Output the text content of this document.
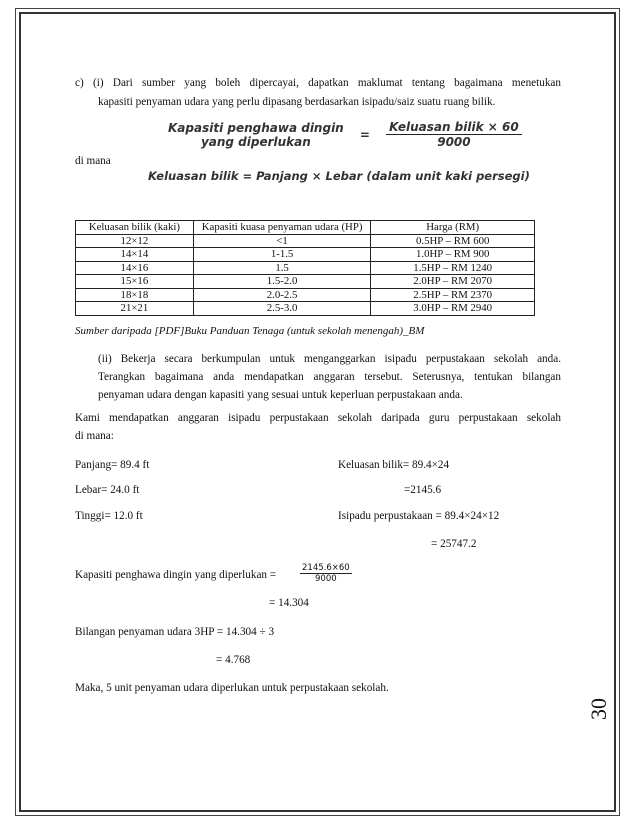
c) (i) Dari sumber yang boleh dipercayai, dapatkan maklumat tentang bagaimana menetukan
kapasiti penyaman udara yang perlu dipasang berdasarkan isipadu/saiz suatu ruang bilik.
Kapasiti penghawa dingin
yang diperlukan	= $\frac{\text{Keluasan bilik × 60}}{9000}$
di mana
Keluasan bilik = Panjang × Lebar (dalam unit kaki persegi)
Keluasan bilik (kaki)	Kapasiti kuasa penyaman udara (HP)	Harga (RM)
12×12	<1	0.5HP – RM 600
14×14	1-1.5	1.0HP – RM 900
14×16	1.5	1.5HP – RM 1240
15×16	1.5-2.0	2.0HP – RM 2070
18×18	2.0-2.5	2.5HP – RM 2370
21×21	2.5-3.0	3.0HP – RM 2940
Sumber daripada [PDF]Buku Panduan Tenaga (untuk sekolah menengah)_BM
(ii) Bekerja secara berkumpulan untuk menganggarkan isipadu perpustakaan sekolah anda.
Terangkan bagaimana anda mendapatkan anggaran tersebut. Seterusnya, tentukan bilangan
penyaman udara dengan kapasiti yang sesuai untuk keperluan perpustakaan anda.
Kami mendapatkan anggaran isipadu perpustakaan sekolah daripada guru perpustakaan sekolah
di mana:
Panjang= 89.4 ft	Keluasan bilik= 89.4×24
Lebar= 24.0 ft	=2145.6
Tinggi= 12.0 ft	Isipadu perpustakaan = 89.4×24×12
= 25747.2
Kapasiti penghawa dingin yang diperlukan =	$\frac{2145.6\times 60}{9000}$
= 14.304
Bilangan penyaman udara 3HP = 14.304 ÷ 3
= 4.768
Maka, 5 unit penyaman udara diperlukan untuk perpustakaan sekolah.
30
